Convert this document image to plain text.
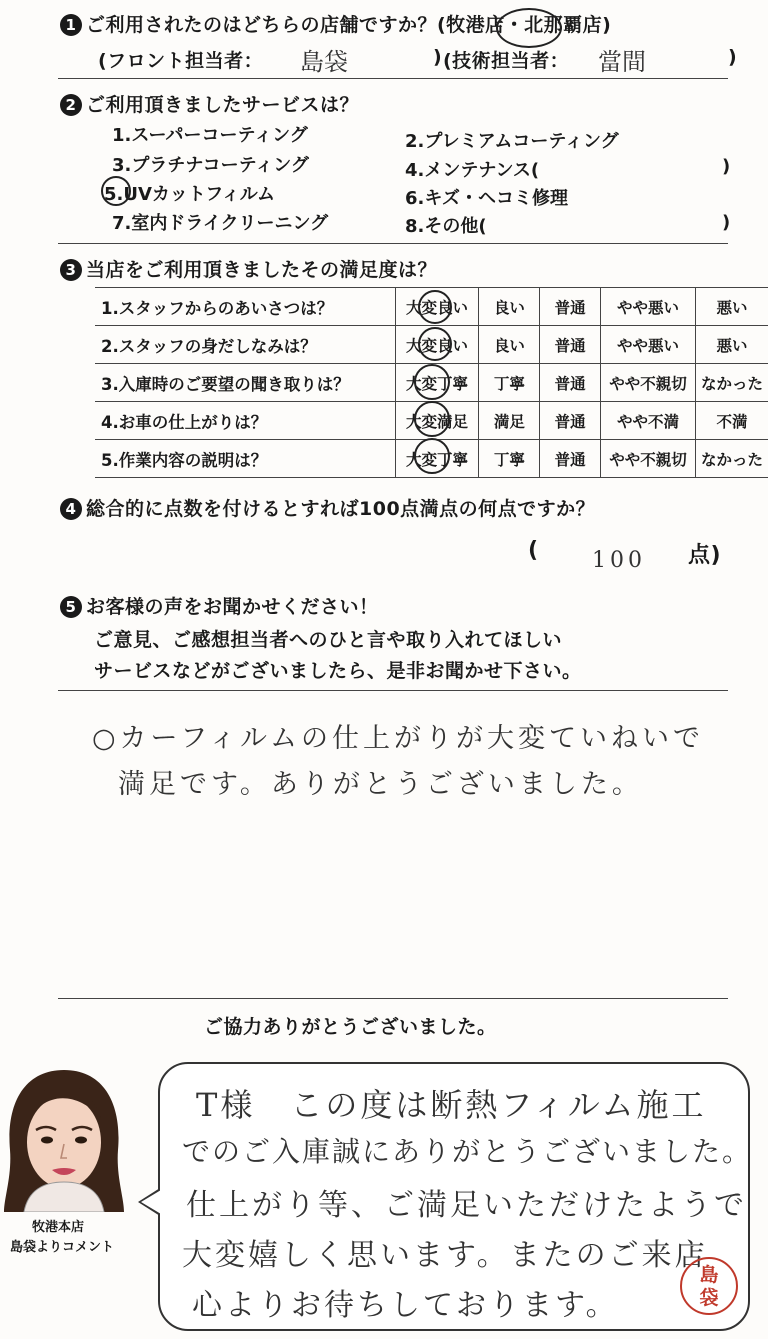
1 ご利用されたのはどちらの店舗ですか？(牧港店・北那覇店)
(フロント担当者： 島袋	) (技術担当者： 當間	)
2 ご利用頂きましたサービスは？
1.スーパーコーティング	2.プレミアムコーティング
3.プラチナコーティング	4.メンテナンス(	)
5.UVカットフィルム	6.キズ・ヘコミ修理
7.室内ドライクリーニング	8.その他(	)
3 当店をご利用頂きましたその満足度は？
1.スタッフからのあいさつは？	大変良い	良い	普通	やや悪い	悪い
2.スタッフの身だしなみは？	大変良い	良い	普通	やや悪い	悪い
3.入庫時のご要望の聞き取りは？	大変丁寧	丁寧	普通	やや不親切	なかった
4.お車の仕上がりは？	大変満足	満足	普通	やや不満	不満
5.作業内容の説明は？	大変丁寧	丁寧	普通	やや不親切	なかった
4 総合的に点数を付けるとすれば100点満点の何点ですか？
( 100 点)
5 お客様の声をお聞かせください！
ご意見、ご感想担当者へのひと言や取り入れてほしい
サービスなどがございましたら、是非お聞かせ下さい。
○カーフィルムの仕上がりが大変ていねいで
満足です。ありがとうございました。
ご協力ありがとうございました。
牧港本店
島袋よりコメント
T様　この度は断熱フィルム施工
でのご入庫誠にありがとうございました。
仕上がり等、ご満足いただけたようで
大変嬉しく思います。またのご来店
心よりお待ちしております。
島
袋
